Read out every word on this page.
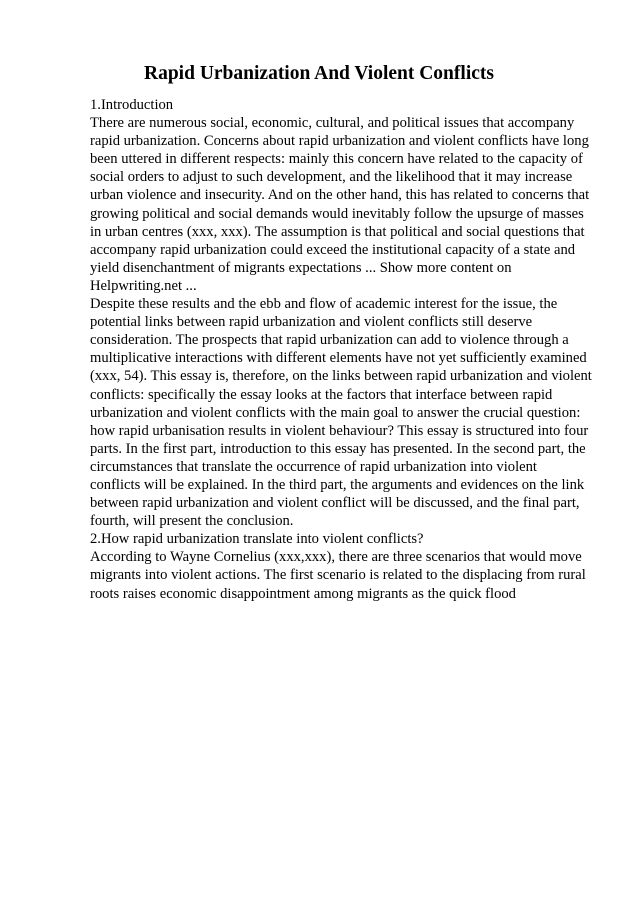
Rapid Urbanization And Violent Conflicts
1.Introduction
There are numerous social, economic, cultural, and political issues that accompany
rapid urbanization. Concerns about rapid urbanization and violent conflicts have long
been uttered in different respects: mainly this concern have related to the capacity of
social orders to adjust to such development, and the likelihood that it may increase
urban violence and insecurity. And on the other hand, this has related to concerns that
growing political and social demands would inevitably follow the upsurge of masses
in urban centres (xxx, xxx). The assumption is that political and social questions that
accompany rapid urbanization could exceed the institutional capacity of a state and
yield disenchantment of migrants expectations ... Show more content on
Helpwriting.net ...
Despite these results and the ebb and flow of academic interest for the issue, the
potential links between rapid urbanization and violent conflicts still deserve
consideration. The prospects that rapid urbanization can add to violence through a
multiplicative interactions with different elements have not yet sufficiently examined
(xxx, 54). This essay is, therefore, on the links between rapid urbanization and violent
conflicts: specifically the essay looks at the factors that interface between rapid
urbanization and violent conflicts with the main goal to answer the crucial question:
how rapid urbanisation results in violent behaviour? This essay is structured into four
parts. In the first part, introduction to this essay has presented. In the second part, the
circumstances that translate the occurrence of rapid urbanization into violent
conflicts will be explained. In the third part, the arguments and evidences on the link
between rapid urbanization and violent conflict will be discussed, and the final part,
fourth, will present the conclusion.
2.How rapid urbanization translate into violent conflicts?
According to Wayne Cornelius (xxx,xxx), there are three scenarios that would move
migrants into violent actions. The first scenario is related to the displacing from rural
roots raises economic disappointment among migrants as the quick flood
